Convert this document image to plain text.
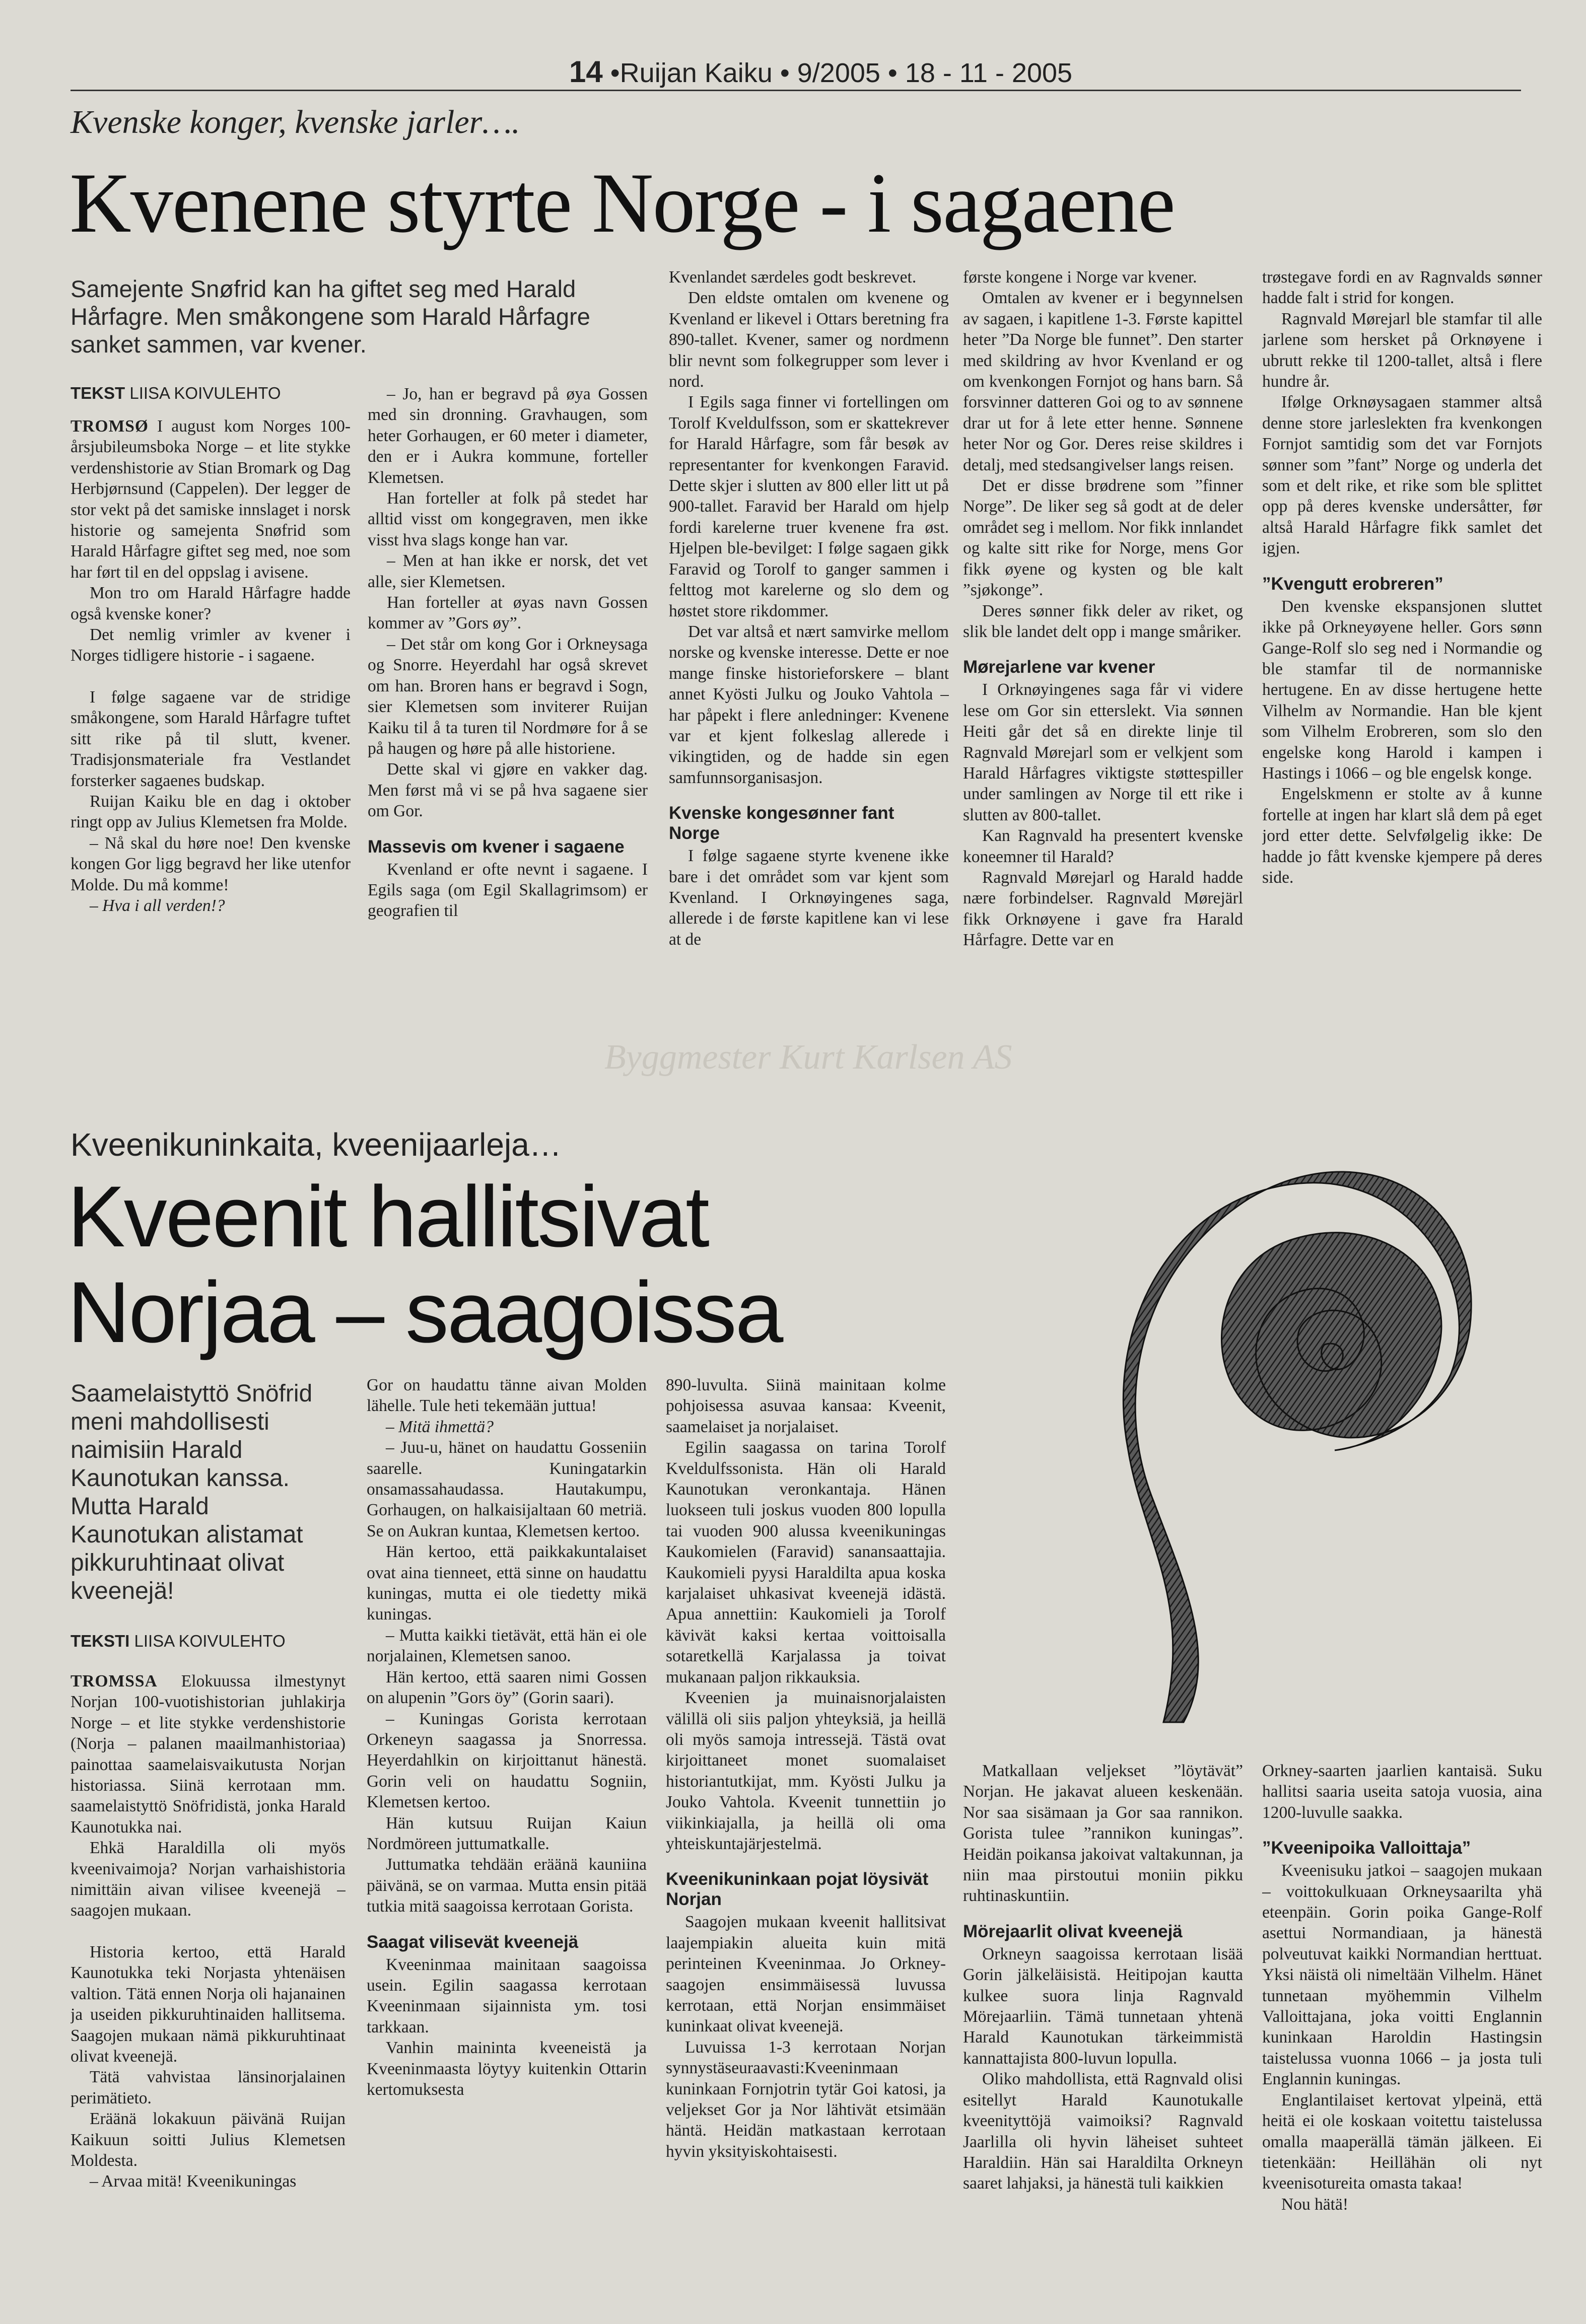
14 •Ruijan Kaiku • 9/2005 • 18 - 11 - 2005
Byggmester Kurt Karlsen AS
Kvenske konger, kvenske jarler….
Kvenene styrte Norge - i sagaene
Samejente Snøfrid kan ha giftet seg med Harald Hårfagre. Men småkongene som Harald Hårfagre sanket sammen, var kvener.
TEKST LIISA KOIVULEHTO

TROMSØ I august kom Norges 100-årsjubileumsboka Norge – et lite stykke verdenshistorie av Stian Bromark og Dag Herbjørnsund (Cappelen). Der legger de stor vekt på det samiske innslaget i norsk historie og samejenta Snøfrid som Harald Hårfagre giftet seg med, noe som har ført til en del oppslag i avisene.

Mon tro om Harald Hårfagre hadde også kvenske koner?

Det nemlig vrimler av kvener i Norges tidligere historie - i sagaene.

I følge sagaene var de stridige småkongene, som Harald Hårfagre tuftet sitt rike på til slutt, kvener. Tradisjonsmateriale fra Vestlandet forsterker sagaenes budskap.

Ruijan Kaiku ble en dag i oktober ringt opp av Julius Klemetsen fra Molde.

– Nå skal du høre noe! Den kvenske kongen Gor ligg begravd her like utenfor Molde. Du må komme!

– Hva i all verden!?

– Jo, han er begravd på øya Gossen med sin dronning. Gravhaugen, som heter Gorhaugen, er 60 meter i diameter, den er i Aukra kommune, forteller Klemetsen.

Han forteller at folk på stedet har alltid visst om kongegraven, men ikke visst hva slags konge han var.

– Men at han ikke er norsk, det vet alle, sier Klemetsen.

Han forteller at øyas navn Gossen kommer av ”Gors øy”.

– Det står om kong Gor i Orkneysaga og Snorre. Heyerdahl har også skrevet om han. Broren hans er begravd i Sogn, sier Klemetsen som inviterer Ruijan Kaiku til å ta turen til Nordmøre for å se på haugen og høre på alle historiene.

Dette skal vi gjøre en vakker dag. Men først må vi se på hva sagaene sier om Gor.

Massevis om kvener i sagaene

Kvenland er ofte nevnt i sagaene. I Egils saga (om Egil Skallagrimsom) er geografien til

Kvenlandet særdeles godt beskrevet.

Den eldste omtalen om kvenene og Kvenland er likevel i Ottars beretning fra 890-tallet. Kvener, samer og nordmenn blir nevnt som folkegrupper som lever i nord.

I Egils saga finner vi fortellingen om Torolf Kveldulfsson, som er skattekrever for Harald Hårfagre, som får besøk av representanter for kvenkongen Faravid. Dette skjer i slutten av 800 eller litt ut på 900-tallet. Faravid ber Harald om hjelp fordi karelerne truer kvenene fra øst. Hjelpen ble-bevilget: I følge sagaen gikk Faravid og Torolf to ganger sammen i felttog mot karelerne og slo dem og høstet store rikdommer.

Det var altså et nært samvirke mellom norske og kvenske interesse. Dette er noe mange finske historieforskere – blant annet Kyösti Julku og Jouko Vahtola – har påpekt i flere anledninger: Kvenene var et kjent folkeslag allerede i vikingtiden, og de hadde sin egen samfunnsorganisasjon.

Kvenske kongesønner fant Norge

I følge sagaene styrte kvenene ikke bare i det området som var kjent som Kvenland. I Orknøyingenes saga, allerede i de første kapitlene kan vi lese at de

første kongene i Norge var kvener.

Omtalen av kvener er i begynnelsen av sagaen, i kapitlene 1-3. Første kapittel heter ”Da Norge ble funnet”. Den starter med skildring av hvor Kvenland er og om kvenkongen Fornjot og hans barn. Så forsvinner datteren Goi og to av sønnene drar ut for å lete etter henne. Sønnene heter Nor og Gor. Deres reise skildres i detalj, med stedsangivelser langs reisen.

Det er disse brødrene som ”finner Norge”. De liker seg så godt at de deler området seg i mellom. Nor fikk innlandet og kalte sitt rike for Norge, mens Gor fikk øyene og kysten og ble kalt ”sjøkonge”.

Deres sønner fikk deler av riket, og slik ble landet delt opp i mange småriker.

Mørejarlene var kvener

I Orknøyingenes saga får vi videre lese om Gor sin etterslekt. Via sønnen Heiti går det så en direkte linje til Ragnvald Mørejarl som er velkjent som Harald Hårfagres viktigste støttespiller under samlingen av Norge til ett rike i slutten av 800-tallet.

Kan Ragnvald ha presentert kvenske koneemner til Harald?

Ragnvald Mørejarl og Harald hadde nære forbindelser. Ragnvald Mørejärl fikk Orknøyene i gave fra Harald Hårfagre. Dette var en

trøstegave fordi en av Ragnvalds sønner hadde falt i strid for kongen.

Ragnvald Mørejarl ble stamfar til alle jarlene som hersket på Orknøyene i ubrutt rekke til 1200-tallet, altså i flere hundre år.

Ifølge Orknøysagaen stammer altså denne store jarleslekten fra kvenkongen Fornjot samtidig som det var Fornjots sønner som ”fant” Norge og underla det som et delt rike, et rike som ble splittet opp på deres kvenske undersåtter, før altså Harald Hårfagre fikk samlet det igjen.

”Kvengutt erobreren”

Den kvenske ekspansjonen sluttet ikke på Orkneyøyene heller. Gors sønn Gange-Rolf slo seg ned i Normandie og ble stamfar til de normanniske hertugene. En av disse hertugene hette Vilhelm av Normandie. Han ble kjent som Vilhelm Erobreren, som slo den engelske kong Harold i kampen i Hastings i 1066 – og ble engelsk konge.

Engelskmenn er stolte av å kunne fortelle at ingen har klart slå dem på eget jord etter dette. Selvfølgelig ikke: De hadde jo fått kvenske kjempere på deres side.

Kveenikuninkaita, kveenijaarleja…
Kveenit hallitsivat
Norjaa – saagoissa
Saamelaistyttö Snöfrid meni mahdollisesti naimisiin Harald Kaunotukan kanssa. Mutta Harald Kaunotukan alistamat pikkuruhtinaat olivat kveenejä!
TEKSTI LIISA KOIVULEHTO

TROMSSA Elokuussa ilmestynyt Norjan 100-vuotishistorian juhlakirja Norge – et lite stykke verdenshistorie (Norja – palanen maailmanhistoriaa) painottaa saamelaisvaikutusta Norjan historiassa. Siinä kerrotaan mm. saamelaistyttö Snöfridistä, jonka Harald Kaunotukka nai.

Ehkä Haraldilla oli myös kveenivaimoja? Norjan varhaishistoria nimittäin aivan vilisee kveenejä – saagojen mukaan.

Historia kertoo, että Harald Kaunotukka teki Norjasta yhtenäisen valtion. Tätä ennen Norja oli hajanainen ja useiden pikkuruhtinaiden hallitsema. Saagojen mukaan nämä pikkuruhtinaat olivat kveenejä.

Tätä vahvistaa länsinorjalainen perimätieto.

Eräänä lokakuun päivänä Ruijan Kaikuun soitti Julius Klemetsen Moldesta.

– Arvaa mitä! Kveenikuningas

Gor on haudattu tänne aivan Molden lähelle. Tule heti tekemään juttua!

– Mitä ihmettä?

– Juu-u, hänet on haudattu Gosseniin saarelle. Kuningatarkin onsamassahaudassa. Hautakumpu, Gorhaugen, on halkaisijaltaan 60 metriä. Se on Aukran kuntaa, Klemetsen kertoo.

Hän kertoo, että paikkakuntalaiset ovat aina tienneet, että sinne on haudattu kuningas, mutta ei ole tiedetty mikä kuningas.

– Mutta kaikki tietävät, että hän ei ole norjalainen, Klemetsen sanoo.

Hän kertoo, että saaren nimi Gossen on alupenin ”Gors öy” (Gorin saari).

– Kuningas Gorista kerrotaan Orkeneyn saagassa ja Snorressa. Heyerdahlkin on kirjoittanut hänestä. Gorin veli on haudattu Sogniin, Klemetsen kertoo.

Hän kutsuu Ruijan Kaiun Nordmöreen juttumatkalle.

Juttumatka tehdään eräänä kauniina päivänä, se on varmaa. Mutta ensin pitää tutkia mitä saagoissa kerrotaan Gorista.

Saagat vilisevät kveenejä

Kveeninmaa mainitaan saagoissa usein. Egilin saagassa kerrotaan Kveeninmaan sijainnista ym. tosi tarkkaan.

Vanhin maininta kveeneistä ja Kveeninmaasta löytyy kuitenkin Ottarin kertomuksesta

890-luvulta. Siinä mainitaan kolme pohjoisessa asuvaa kansaa: Kveenit, saamelaiset ja norjalaiset.

Egilin saagassa on tarina Torolf Kveldulfssonista. Hän oli Harald Kaunotukan veronkantaja. Hänen luokseen tuli joskus vuoden 800 lopulla tai vuoden 900 alussa kveenikuningas Kaukomielen (Faravid) sanansaattajia. Kaukomieli pyysi Haraldilta apua koska karjalaiset uhkasivat kveenejä idästä. Apua annettiin: Kaukomieli ja Torolf kävivät kaksi kertaa voittoisalla sotaretkellä Karjalassa ja toivat mukanaan paljon rikkauksia.

Kveenien ja muinaisnorjalaisten välillä oli siis paljon yhteyksiä, ja heillä oli myös samoja intressejä. Tästä ovat kirjoittaneet monet suomalaiset historiantutkijat, mm. Kyösti Julku ja Jouko Vahtola. Kveenit tunnettiin jo viikinkiajalla, ja heillä oli oma yhteiskuntajärjestelmä.

Kveenikuninkaan pojat löysivät Norjan

Saagojen mukaan kveenit hallitsivat laajempiakin alueita kuin mitä perinteinen Kveeninmaa. Jo Orkney-saagojen ensimmäisessä luvussa kerrotaan, että Norjan ensimmäiset kuninkaat olivat kveenejä.

Luvuissa 1-3 kerrotaan Norjan synnystäseuraavasti:Kveeninmaan kuninkaan Fornjotrin tytär Goi katosi, ja veljekset Gor ja Nor lähtivät etsimään häntä. Heidän matkastaan kerrotaan hyvin yksityiskohtaisesti.

Matkallaan veljekset ”löytävät” Norjan. He jakavat alueen keskenään. Nor saa sisämaan ja Gor saa rannikon. Gorista tulee ”rannikon kuningas”. Heidän poikansa jakoivat valtakunnan, ja niin maa pirstoutui moniin pikku ruhtinaskuntiin.

Mörejaarlit olivat kveenejä

Orkneyn saagoissa kerrotaan lisää Gorin jälkeläisistä. Heitipojan kautta kulkee suora linja Ragnvald Mörejaarliin. Tämä tunnetaan yhtenä Harald Kaunotukan tärkeimmistä kannattajista 800-luvun lopulla.

Oliko mahdollista, että Ragnvald olisi esitellyt Harald Kaunotukalle kveenityttöjä vaimoiksi? Ragnvald Jaarlilla oli hyvin läheiset suhteet Haraldiin. Hän sai Haraldilta Orkneyn saaret lahjaksi, ja hänestä tuli kaikkien

Orkney-saarten jaarlien kantaisä. Suku hallitsi saaria useita satoja vuosia, aina 1200-luvulle saakka.

”Kveenipoika Valloittaja”

Kveenisuku jatkoi – saagojen mukaan – voittokulkuaan Orkneysaarilta yhä eteenpäin. Gorin poika Gange-Rolf asettui Normandiaan, ja hänestä polveutuvat kaikki Normandian herttuat. Yksi näistä oli nimeltään Vilhelm. Hänet tunnetaan myöhemmin Vilhelm Valloittajana, joka voitti Englannin kuninkaan Haroldin Hastingsin taistelussa vuonna 1066 – ja josta tuli Englannin kuningas.

Englantilaiset kertovat ylpeinä, että heitä ei ole koskaan voitettu taistelussa omalla maaperällä tämän jälkeen. Ei tietenkään: Heillähän oli nyt kveenisotureita omasta takaa!

Nou hätä!
